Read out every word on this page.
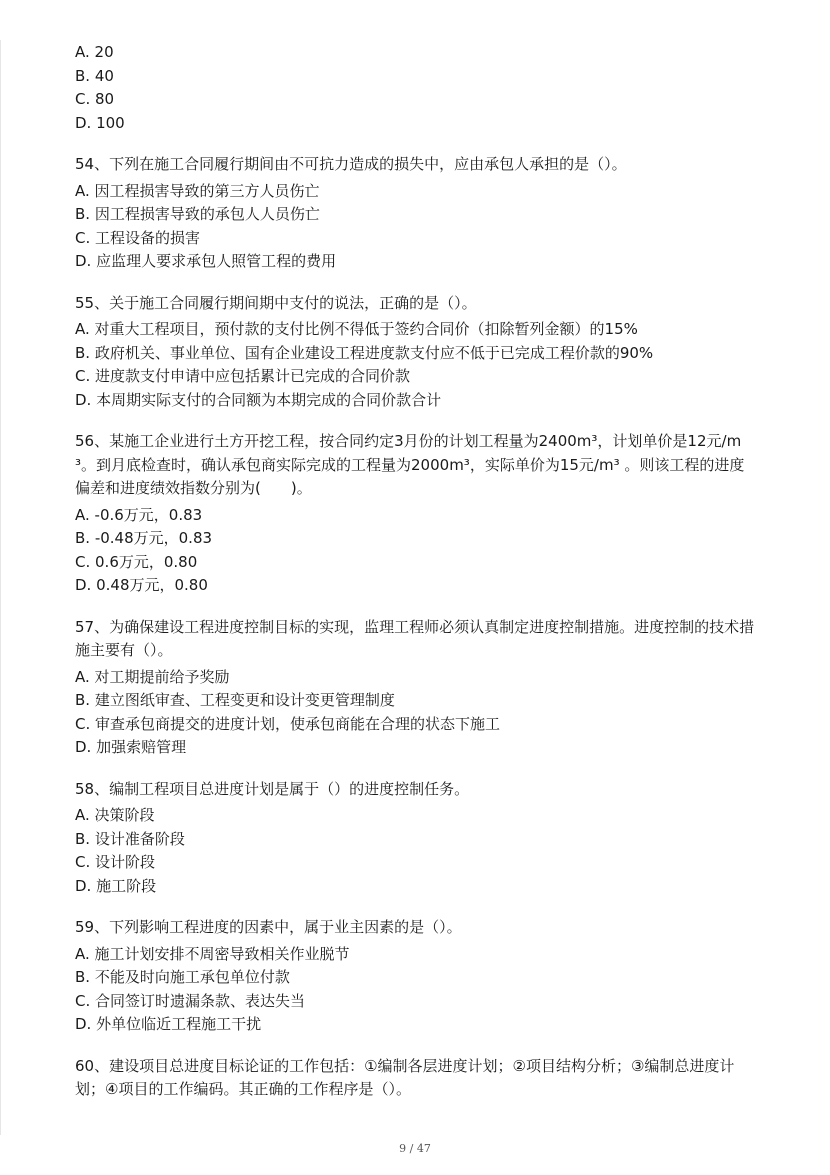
A. 20

B. 40

C. 80

D. 100

54、下列在施工合同履行期间由不可抗力造成的损失中，应由承包人承担的是（）。

A. 因工程损害导致的第三方人员伤亡

B. 因工程损害导致的承包人人员伤亡

C. 工程设备的损害

D. 应监理人要求承包人照管工程的费用

55、关于施工合同履行期间期中支付的说法，正确的是（）。

A. 对重大工程项目，预付款的支付比例不得低于签约合同价（扣除暂列金额）的15%

B. 政府机关、事业单位、国有企业建设工程进度款支付应不低于已完成工程价款的90%

C. 进度款支付申请中应包括累计已完成的合同价款

D. 本周期实际支付的合同额为本期完成的合同价款合计

56、某施工企业进行土方开挖工程，按合同约定3月份的计划工程量为2400m³，计划单价是12元/m³。到月底检查时，确认承包商实际完成的工程量为2000m³，实际单价为15元/m³ 。则该工程的进度偏差和进度绩效指数分别为(　　)。

A. -0.6万元，0.83

B. -0.48万元，0.83

C. 0.6万元，0.80

D. 0.48万元，0.80

57、为确保建设工程进度控制目标的实现，监理工程师必须认真制定进度控制措施。进度控制的技术措施主要有（）。

A. 对工期提前给予奖励

B. 建立图纸审查、工程变更和设计变更管理制度

C. 审查承包商提交的进度计划，使承包商能在合理的状态下施工

D. 加强索赔管理

58、编制工程项目总进度计划是属于（）的进度控制任务。

A. 决策阶段

B. 设计准备阶段

C. 设计阶段

D. 施工阶段

59、下列影响工程进度的因素中，属于业主因素的是（）。

A. 施工计划安排不周密导致相关作业脱节

B. 不能及时向施工承包单位付款

C. 合同签订时遗漏条款、表达失当

D. 外单位临近工程施工干扰

60、建设项目总进度目标论证的工作包括：①编制各层进度计划；②项目结构分析；③编制总进度计划；④项目的工作编码。其正确的工作程序是（）。

9 / 47
